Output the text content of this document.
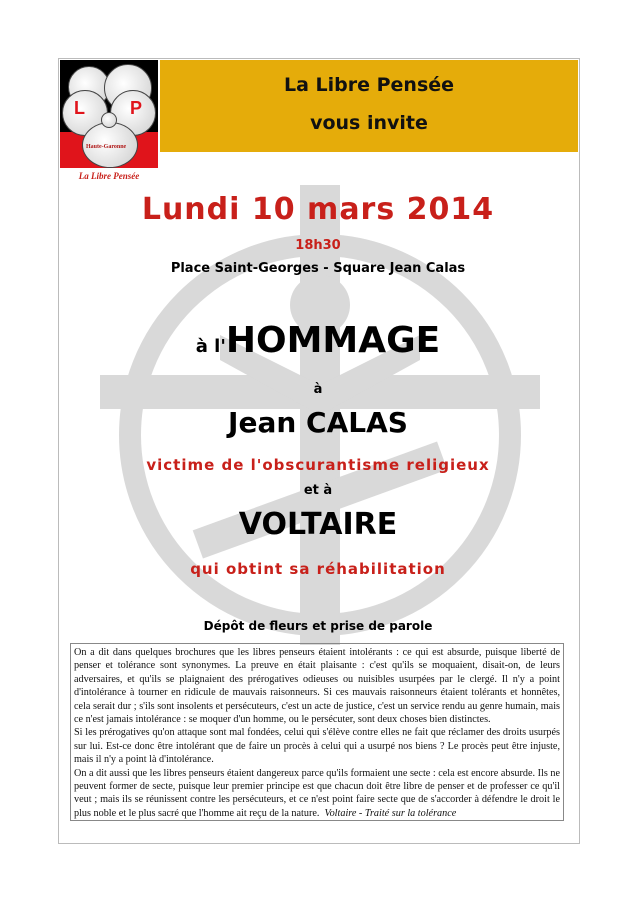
L	P
Haute-Garonne
La Libre Pensée
La Libre Pensée
vous invite
Lundi 10 mars 2014
18h30
Place Saint-Georges - Square Jean Calas
à l'HOMMAGE
à
Jean CALAS
victime de l'obscurantisme religieux
et à
VOLTAIRE
qui obtint sa réhabilitation
Dépôt de fleurs et prise de parole

On a dit dans quelques brochures que les libres penseurs étaient intolérants : ce qui est absurde, puisque liberté de penser et tolérance sont synonymes. La preuve en était plaisante : c'est qu'ils se moquaient, disait-on, de leurs adversaires, et qu'ils se plaignaient des prérogatives odieuses ou nuisibles usurpées par le clergé. Il n'y a point d'intolérance à tourner en ridicule de mauvais raisonneurs. Si ces mauvais raisonneurs étaient tolérants et honnêtes, cela serait dur ; s'ils sont insolents et persécuteurs, c'est un acte de justice, c'est un service rendu au genre humain, mais ce n'est jamais intolérance : se moquer d'un homme, ou le persécuter, sont deux choses bien distinctes.

Si les prérogatives qu'on attaque sont mal fondées, celui qui s'élève contre elles ne fait que réclamer des droits usurpés sur lui. Est-ce donc être intolérant que de faire un procès à celui qui a usurpé nos biens ? Le procès peut être injuste, mais il n'y a point là d'intolérance.

On a dit aussi que les libres penseurs étaient dangereux parce qu'ils formaient une secte : cela est encore absurde. Ils ne peuvent former de secte, puisque leur premier principe est que chacun doit être libre de penser et de professer ce qu'il veut ; mais ils se réunissent contre les persécuteurs, et ce n'est point faire secte que de s'accorder à défendre le droit le plus noble et le plus sacré que l'homme ait reçu de la nature. Voltaire - Traité sur la tolérance
